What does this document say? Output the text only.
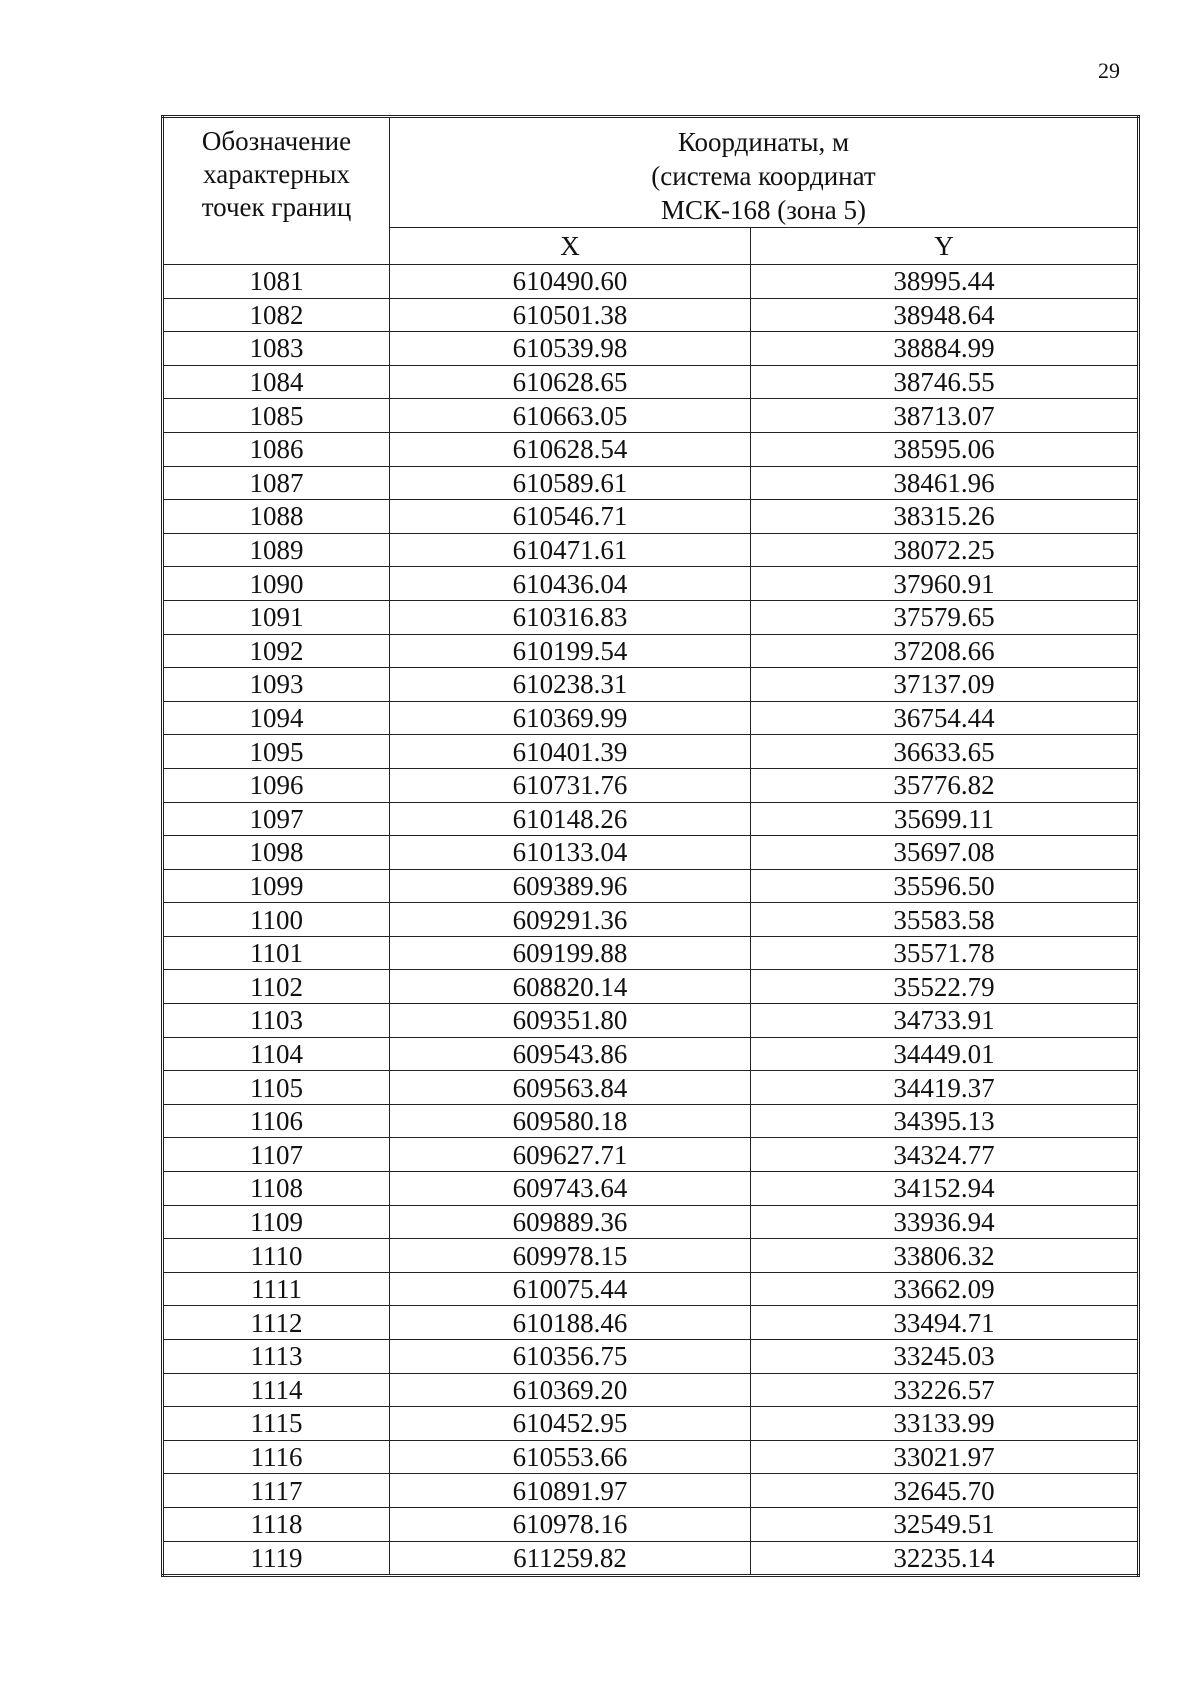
29
Обозначение
характерных
точек границ	Координаты, м
(система координат
МСК-168 (зона 5)	

	X	Y
1081	610490.60	38995.44
1082	610501.38	38948.64
1083	610539.98	38884.99
1084	610628.65	38746.55
1085	610663.05	38713.07
1086	610628.54	38595.06
1087	610589.61	38461.96
1088	610546.71	38315.26
1089	610471.61	38072.25
1090	610436.04	37960.91
1091	610316.83	37579.65
1092	610199.54	37208.66
1093	610238.31	37137.09
1094	610369.99	36754.44
1095	610401.39	36633.65
1096	610731.76	35776.82
1097	610148.26	35699.11
1098	610133.04	35697.08
1099	609389.96	35596.50
1100	609291.36	35583.58
1101	609199.88	35571.78
1102	608820.14	35522.79
1103	609351.80	34733.91
1104	609543.86	34449.01
1105	609563.84	34419.37
1106	609580.18	34395.13
1107	609627.71	34324.77
1108	609743.64	34152.94
1109	609889.36	33936.94
1110	609978.15	33806.32
1111	610075.44	33662.09
1112	610188.46	33494.71
1113	610356.75	33245.03
1114	610369.20	33226.57
1115	610452.95	33133.99
1116	610553.66	33021.97
1117	610891.97	32645.70
1118	610978.16	32549.51
1119	611259.82	32235.14
